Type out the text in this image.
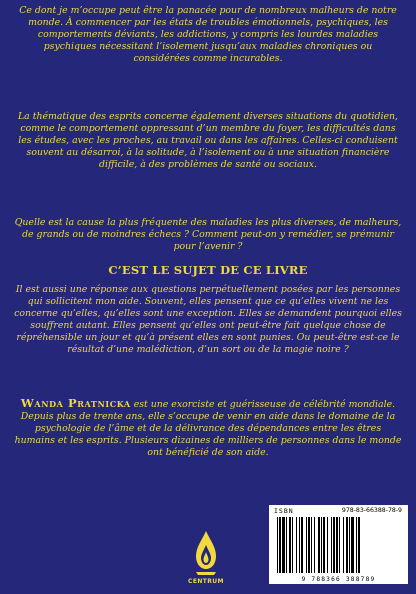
Ce dont je m’occupe peut être la panacée pour de nombreux malheurs de notre monde. À commencer par les états de troubles émotionnels, psychiques, les comportements déviants, les addictions, y compris les lourdes maladies psychiques nécessitant l’isolement jusqu’aux maladies chroniques ou considérées comme incurables.
La thématique des esprits concerne également diverses situations du quotidien, comme le comportement oppressant d’un membre du foyer, les difficultés dans les études, avec les proches, au travail ou dans les affaires. Celles-ci conduisent souvent au désarroi, à la solitude, à l’isolement ou à une situation financière difficile, à des problèmes de santé ou sociaux.
Quelle est la cause la plus fréquente des maladies les plus diverses, de malheurs, de grands ou de moindres échecs ? Comment peut-on y remédier, se prémunir pour l’avenir ?
C’EST LE SUJET DE CE LIVRE
Il est aussi une réponse aux questions perpétuellement posées par les personnes qui sollicitent mon aide. Souvent, elles pensent que ce qu’elles vivent ne les concerne qu’elles, qu’elles sont une exception. Elles se demandent pourquoi elles souffrent autant. Elles pensent qu’elles ont peut-être fait quelque chose de répréhensible un jour et qu’à présent elles en sont punies. Ou peut-être est-ce le résultat d’une malédiction, d’un sort ou de la magie noire ?
Wanda Pratnicka est une exorciste et guérisseuse de célébrité mondiale. Depuis plus de trente ans, elle s’occupe de venir en aide dans le domaine de la psychologie de l’âme et de la délivrance des dépendances entre les êtres humains et les esprits. Plusieurs dizaines de milliers de personnes dans le monde ont bénéficié de son aide.
CENTRUM
ISBN	978-83-66388-78-9
9 788366 388789
